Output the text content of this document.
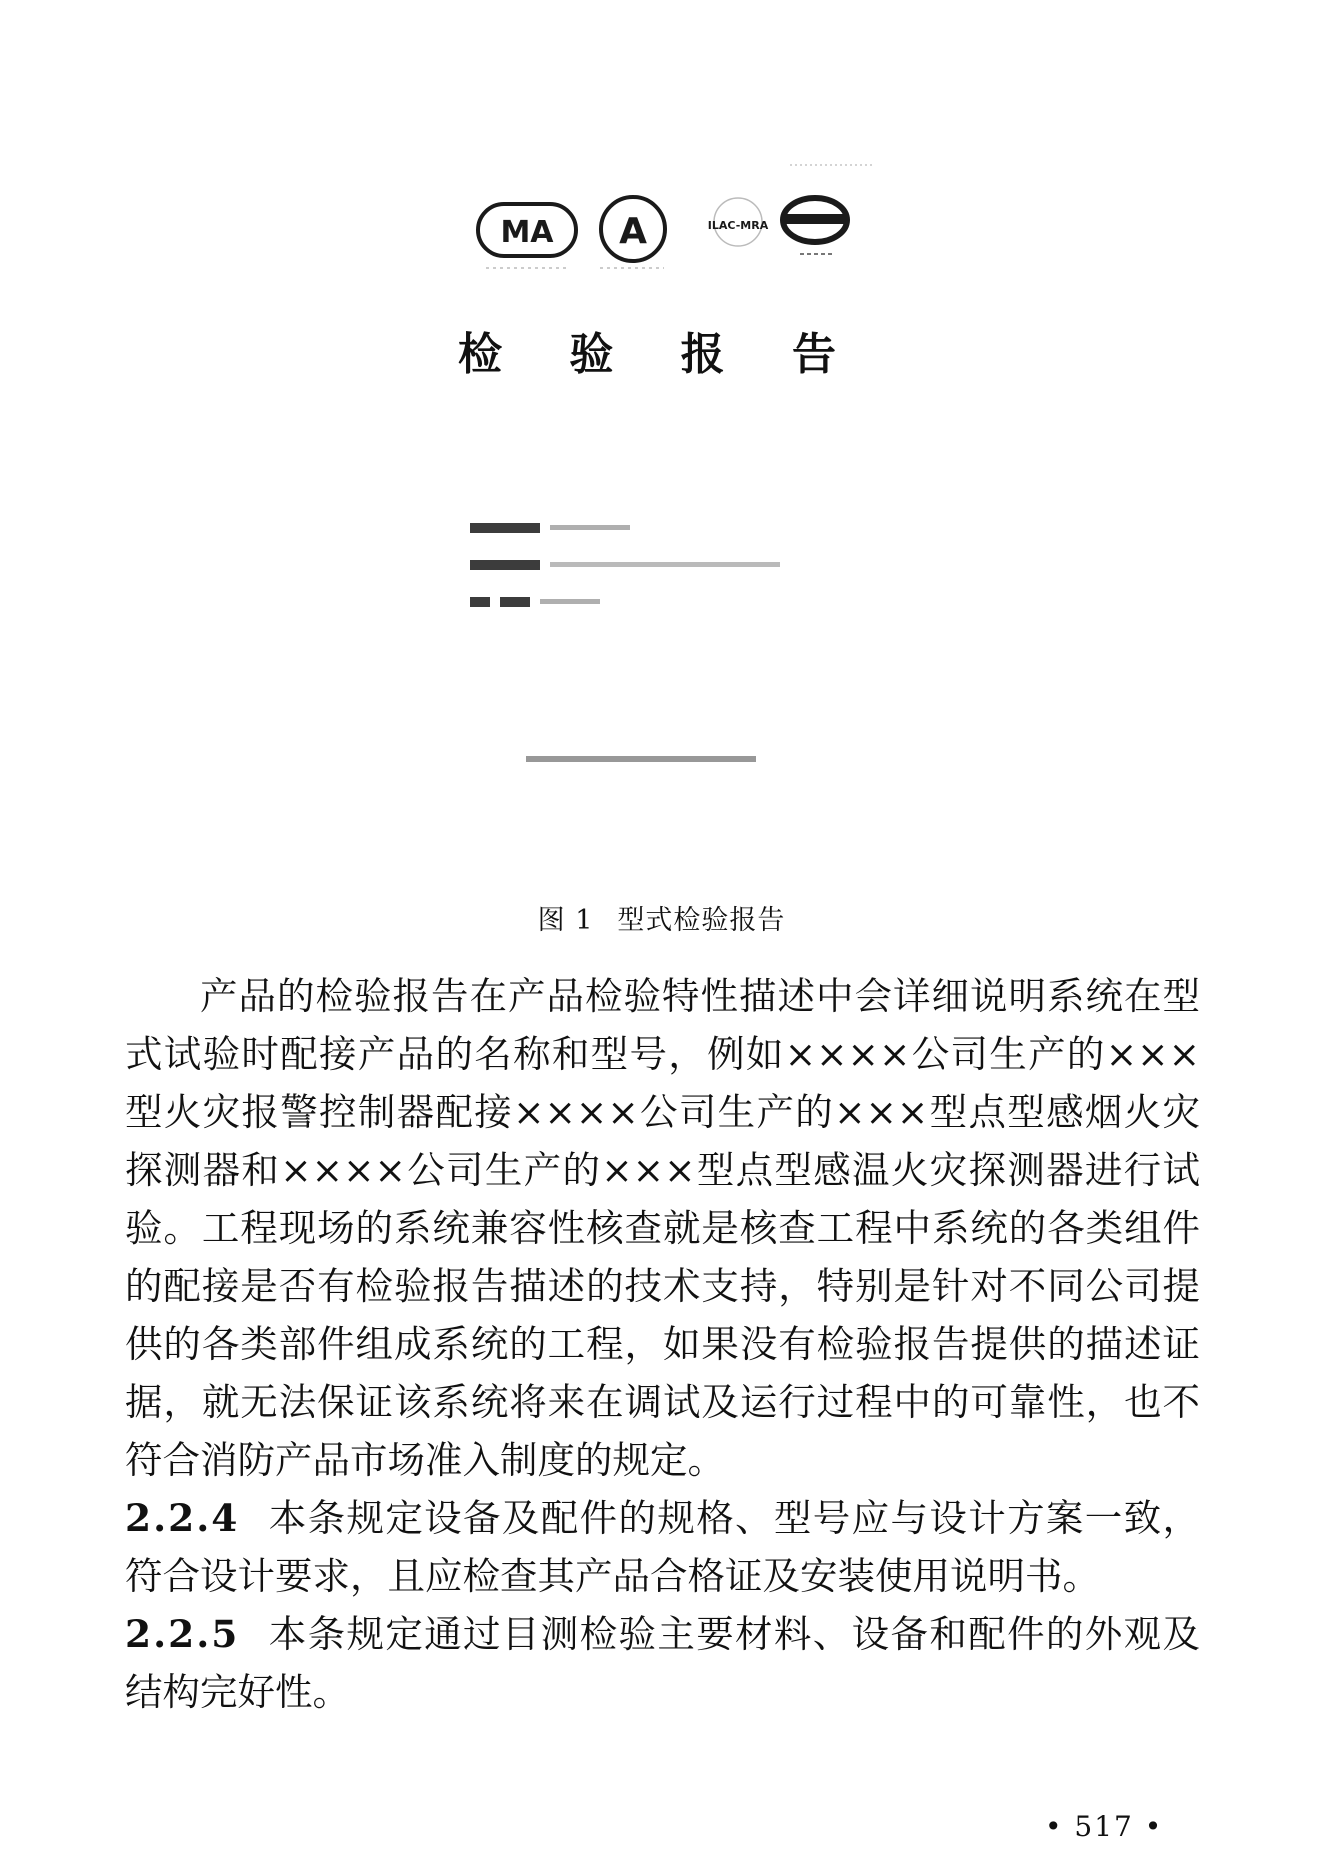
MA A	ILAC-MRA
检 验 报 告
图 1 型式检验报告
产品的检验报告在产品检验特性描述中会详细说明系统在型式试验时配接产品的名称和型号，例如××××公司生产的×××型火灾报警控制器配接××××公司生产的×××型点型感烟火灾探测器和××××公司生产的×××型点型感温火灾探测器进行试验。工程现场的系统兼容性核查就是核查工程中系统的各类组件的配接是否有检验报告描述的技术支持，特别是针对不同公司提供的各类部件组成系统的工程，如果没有检验报告提供的描述证据，就无法保证该系统将来在调试及运行过程中的可靠性，也不符合消防产品市场准入制度的规定。
2.2.4 本条规定设备及配件的规格、型号应与设计方案一致，符合设计要求，且应检查其产品合格证及安装使用说明书。
2.2.5 本条规定通过目测检验主要材料、设备和配件的外观及结构完好性。
• 517 •
